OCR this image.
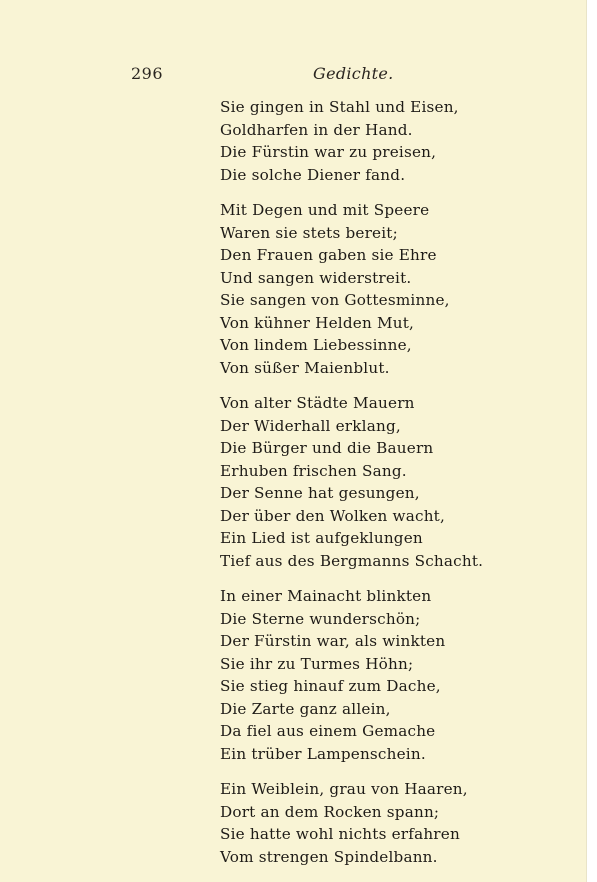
296	Gedichte.
Sie gingen in Stahl und Eisen,
Goldharfen in der Hand.
Die Fürstin war zu preisen,
Die solche Diener fand.
Mit Degen und mit Speere
Waren sie stets bereit;
Den Frauen gaben sie Ehre
Und sangen widerstreit.
Sie sangen von Gottesminne,
Von kühner Helden Mut,
Von lindem Liebessinne,
Von süßer Maienblut.
Von alter Städte Mauern
Der Widerhall erklang,
Die Bürger und die Bauern
Erhuben frischen Sang.
Der Senne hat gesungen,
Der über den Wolken wacht,
Ein Lied ist aufgeklungen
Tief aus des Bergmanns Schacht.
In einer Mainacht blinkten
Die Sterne wunderschön;
Der Fürstin war, als winkten
Sie ihr zu Turmes Höhn;
Sie stieg hinauf zum Dache,
Die Zarte ganz allein,
Da fiel aus einem Gemache
Ein trüber Lampenschein.
Ein Weiblein, grau von Haaren,
Dort an dem Rocken spann;
Sie hatte wohl nichts erfahren
Vom strengen Spindelbann.
